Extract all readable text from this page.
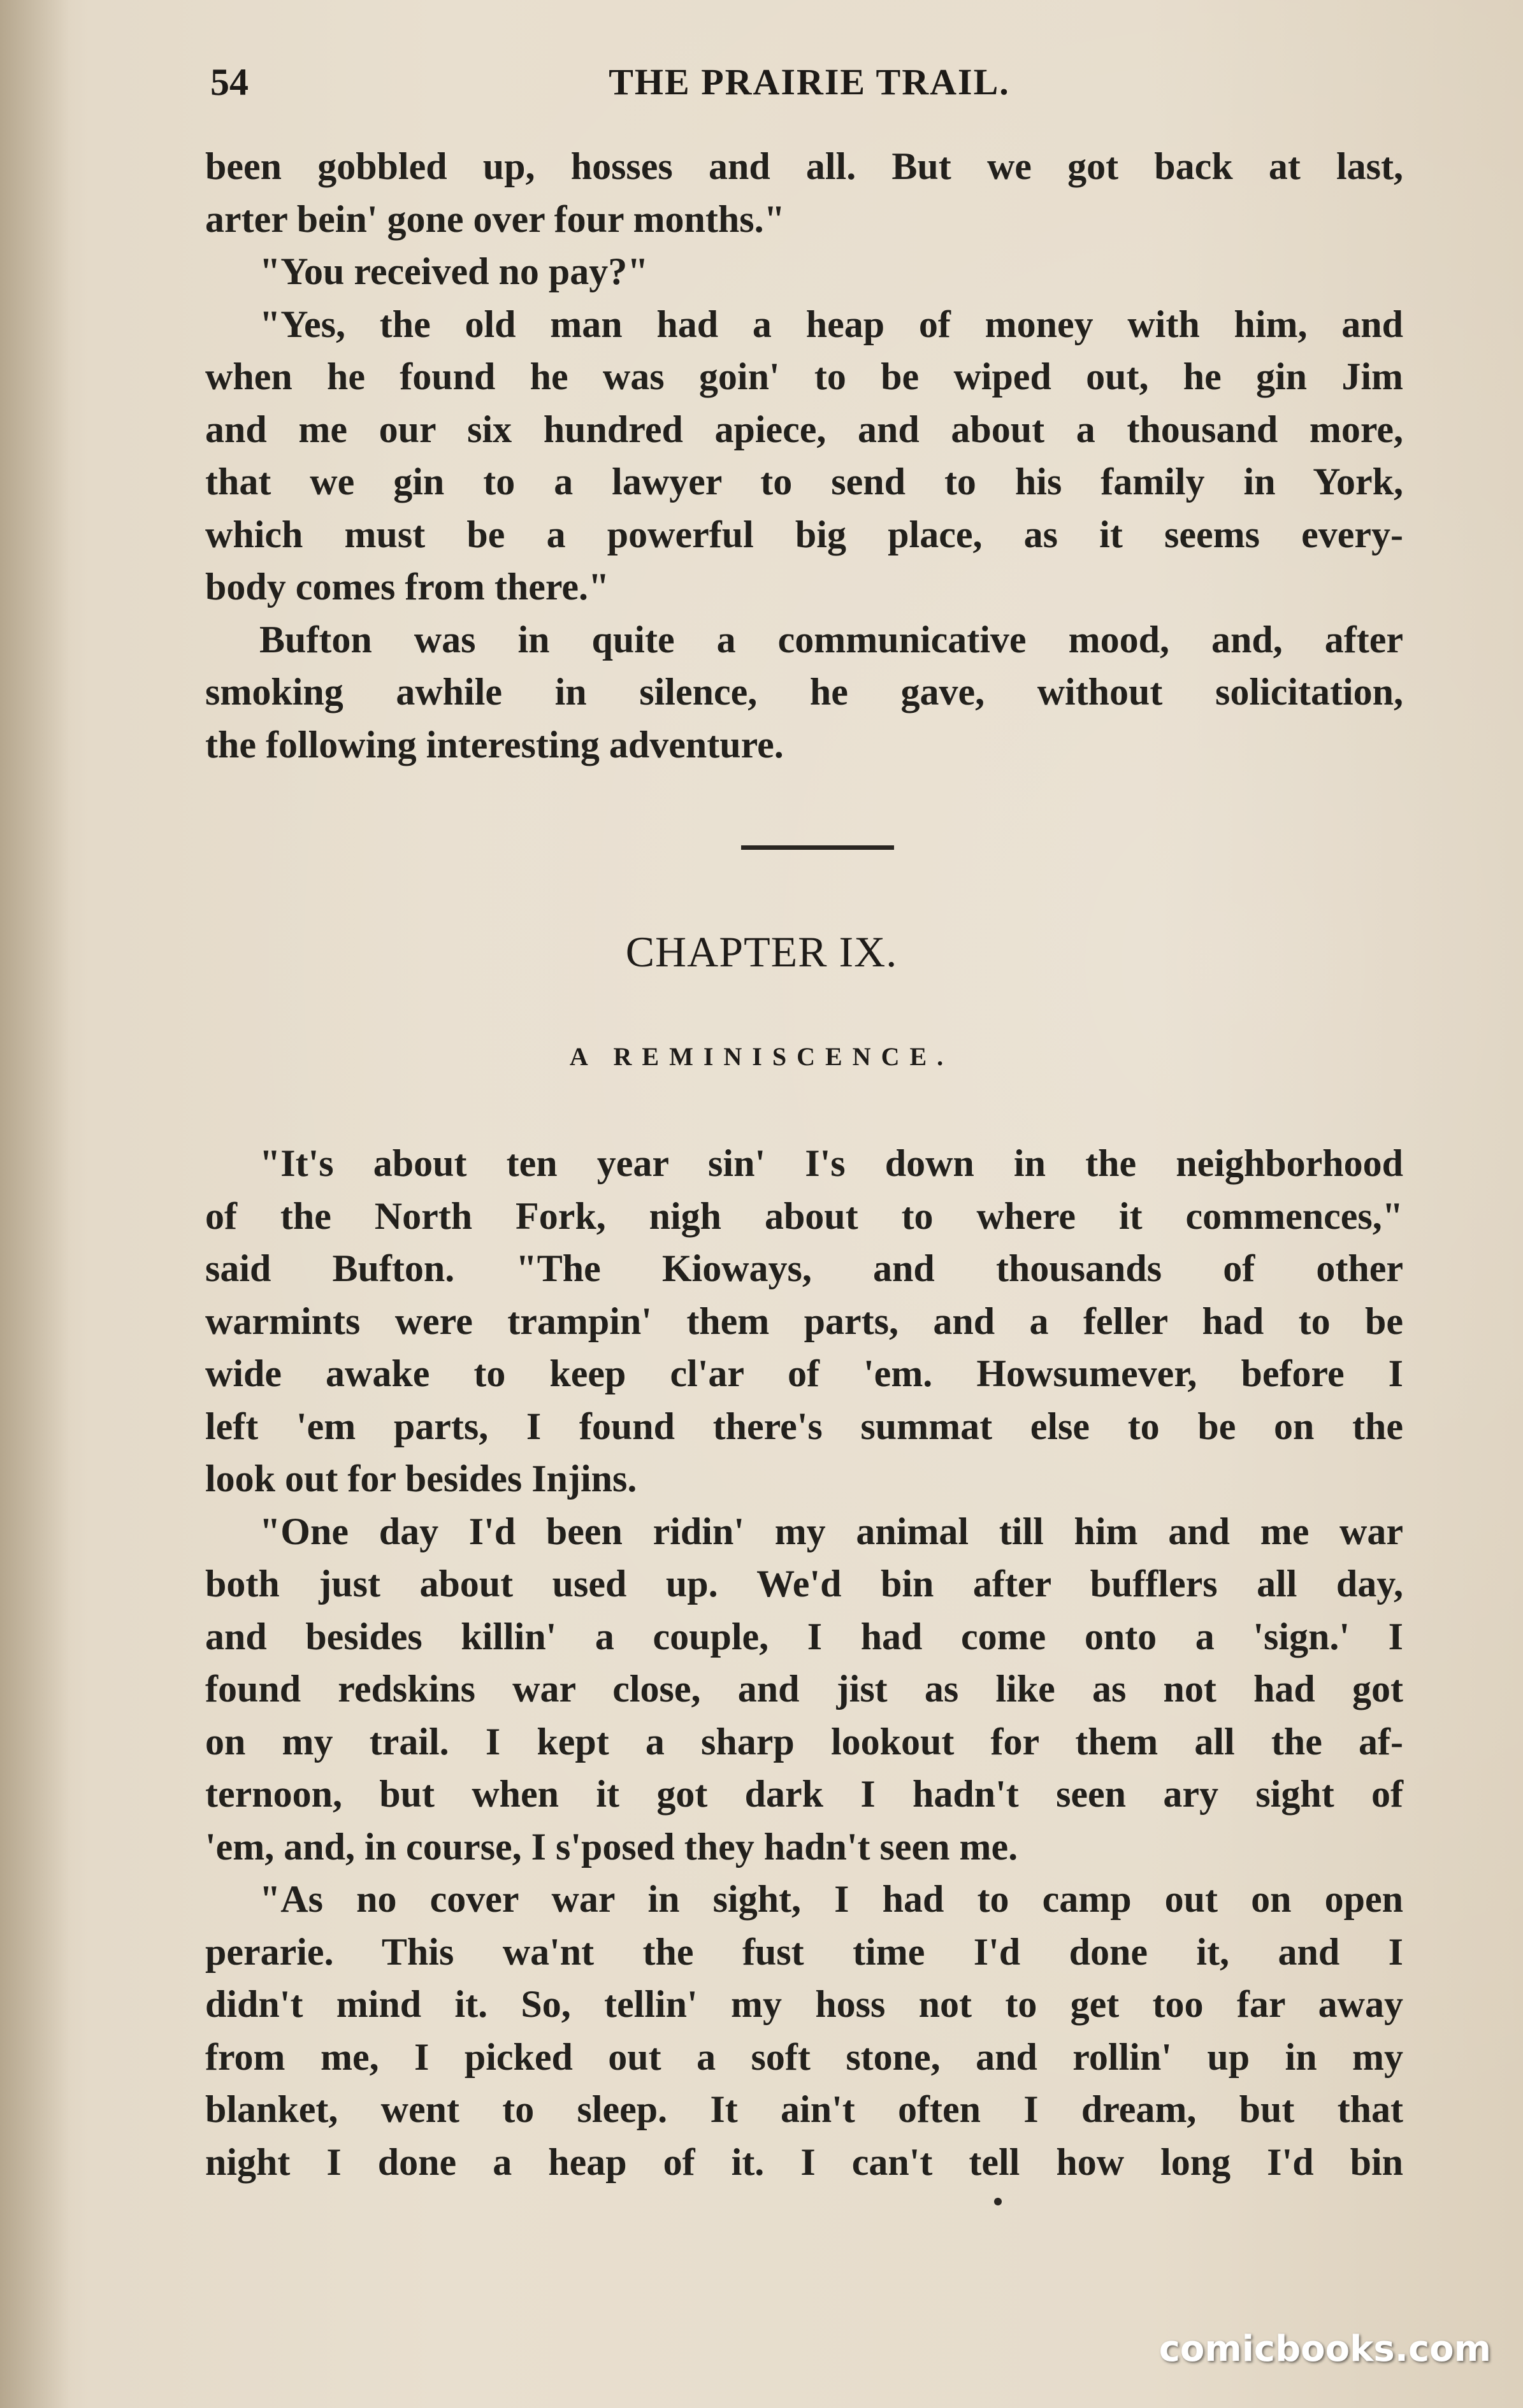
54	THE PRAIRIE TRAIL.
been gobbled up, hosses and all. But we got back at last,
arter bein' gone over four months."
"You received no pay?"
"Yes, the old man had a heap of money with him, and
when he found he was goin' to be wiped out, he gin Jim
and me our six hundred apiece, and about a thousand more,
that we gin to a lawyer to send to his family in York,
which must be a powerful big place, as it seems every-
body comes from there."
Bufton was in quite a communicative mood, and, after
smoking awhile in silence, he gave, without solicitation,
the following interesting adventure.
CHAPTER IX.
A REMINISCENCE.
"It's about ten year sin' I's down in the neighborhood
of the North Fork, nigh about to where it commences,"
said Bufton. "The Kioways, and thousands of other
warmints were trampin' them parts, and a feller had to be
wide awake to keep cl'ar of 'em. Howsumever, before I
left 'em parts, I found there's summat else to be on the
look out for besides Injins.
"One day I'd been ridin' my animal till him and me war
both just about used up. We'd bin after bufflers all day,
and besides killin' a couple, I had come onto a 'sign.' I
found redskins war close, and jist as like as not had got
on my trail. I kept a sharp lookout for them all the af-
ternoon, but when it got dark I hadn't seen ary sight of
'em, and, in course, I s'posed they hadn't seen me.
"As no cover war in sight, I had to camp out on open
perarie. This wa'nt the fust time I'd done it, and I
didn't mind it. So, tellin' my hoss not to get too far away
from me, I picked out a soft stone, and rollin' up in my
blanket, went to sleep. It ain't often I dream, but that
night I done a heap of it. I can't tell how long I'd bin
comicbooks.com
